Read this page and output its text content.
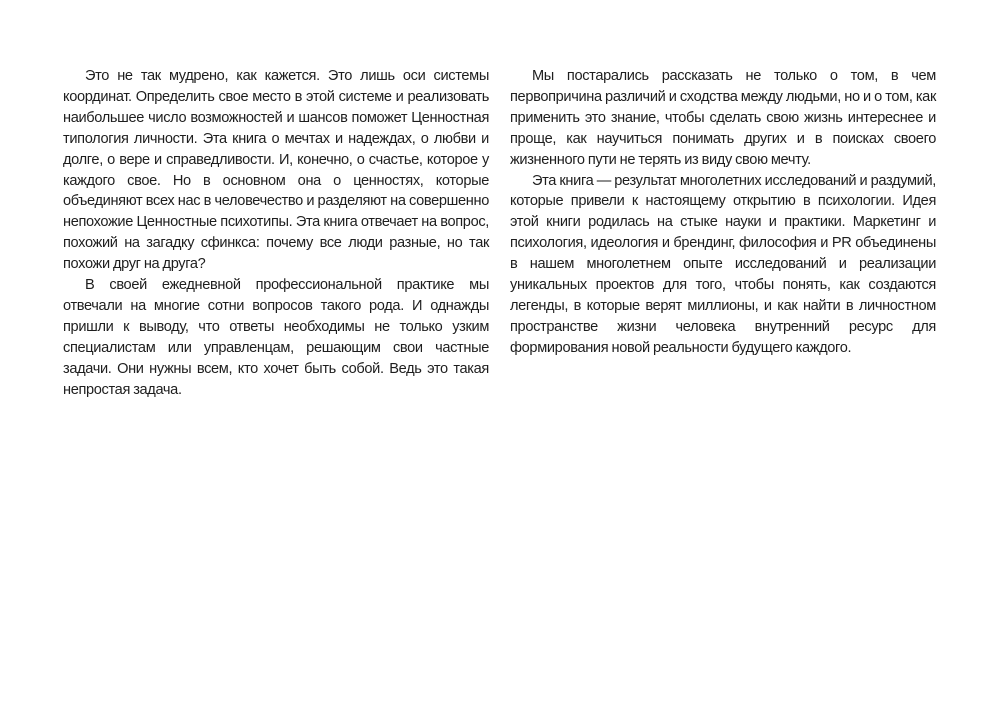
Это не так мудрено, как кажется. Это лишь оси системы координат. Определить свое место в этой системе и реализовать наибольшее число возможностей и шансов поможет Ценностная типология личности. Эта книга о мечтах и надеждах, о любви и долге, о вере и справедливости. И, конечно, о счастье, которое у каждого свое. Но в основном она о ценностях, которые объединяют всех нас в человечество и разделяют на совершенно непохожие Ценностные психотипы. Эта книга отвечает на вопрос, похожий на загадку сфинкса: почему все люди разные, но так похожи друг на друга?

В своей ежедневной профессиональной практике мы отвечали на многие сотни вопросов такого рода. И однажды пришли к выводу, что ответы необходимы не только узким специалистам или управленцам, решающим свои частные задачи. Они нужны всем, кто хочет быть собой. Ведь это такая непростая задача.

Мы постарались рассказать не только о том, в чем первопричина различий и сходства между людьми, но и о том, как применить это знание, чтобы сделать свою жизнь интереснее и проще, как научиться понимать других и в поисках своего жизненного пути не терять из виду свою мечту.

Эта книга — результат многолетних исследований и раздумий, которые привели к настоящему открытию в психологии. Идея этой книги родилась на стыке науки и практики. Маркетинг и психология, идеология и брендинг, философия и PR объединены в нашем многолетнем опыте исследований и реализации уникальных проектов для того, чтобы понять, как создаются легенды, в которые верят миллионы, и как найти в личностном пространстве жизни человека внутренний ресурс для формирования новой реальности будущего каждого.
